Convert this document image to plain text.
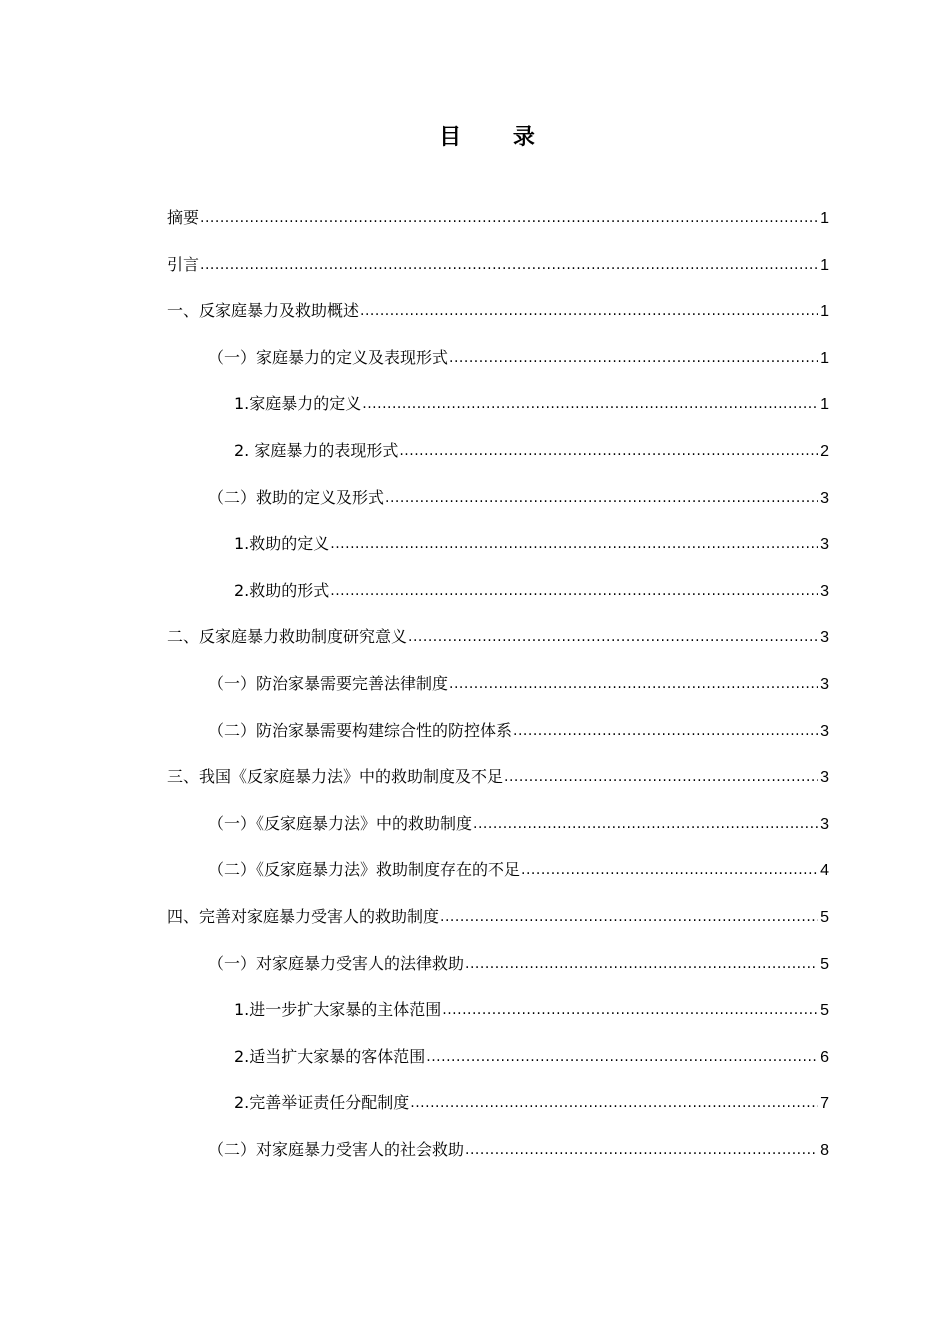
目 录
摘要 .....	1
引言 .....	1
一、反家庭暴力及救助概述 .....	1
（一）家庭暴力的定义及表现形式 .....	1
1.家庭暴力的定义 .....	1
2. 家庭暴力的表现形式 .....	2
（二）救助的定义及形式 .....	3
1.救助的定义 .....	3
2.救助的形式 .....	3
二、反家庭暴力救助制度研究意义 .....	3
（一）防治家暴需要完善法律制度 .....	3
（二）防治家暴需要构建综合性的防控体系 .....	3
三、我国《反家庭暴力法》中的救助制度及不足 .....	3
（一）《反家庭暴力法》中的救助制度 .....	3
（二）《反家庭暴力法》救助制度存在的不足 .....	4
四、完善对家庭暴力受害人的救助制度 .....	5
（一）对家庭暴力受害人的法律救助 .....	5
1.进一步扩大家暴的主体范围 .....	5
2.适当扩大家暴的客体范围 .....	6
2.完善举证责任分配制度 .....	7
（二）对家庭暴力受害人的社会救助 .....	8
